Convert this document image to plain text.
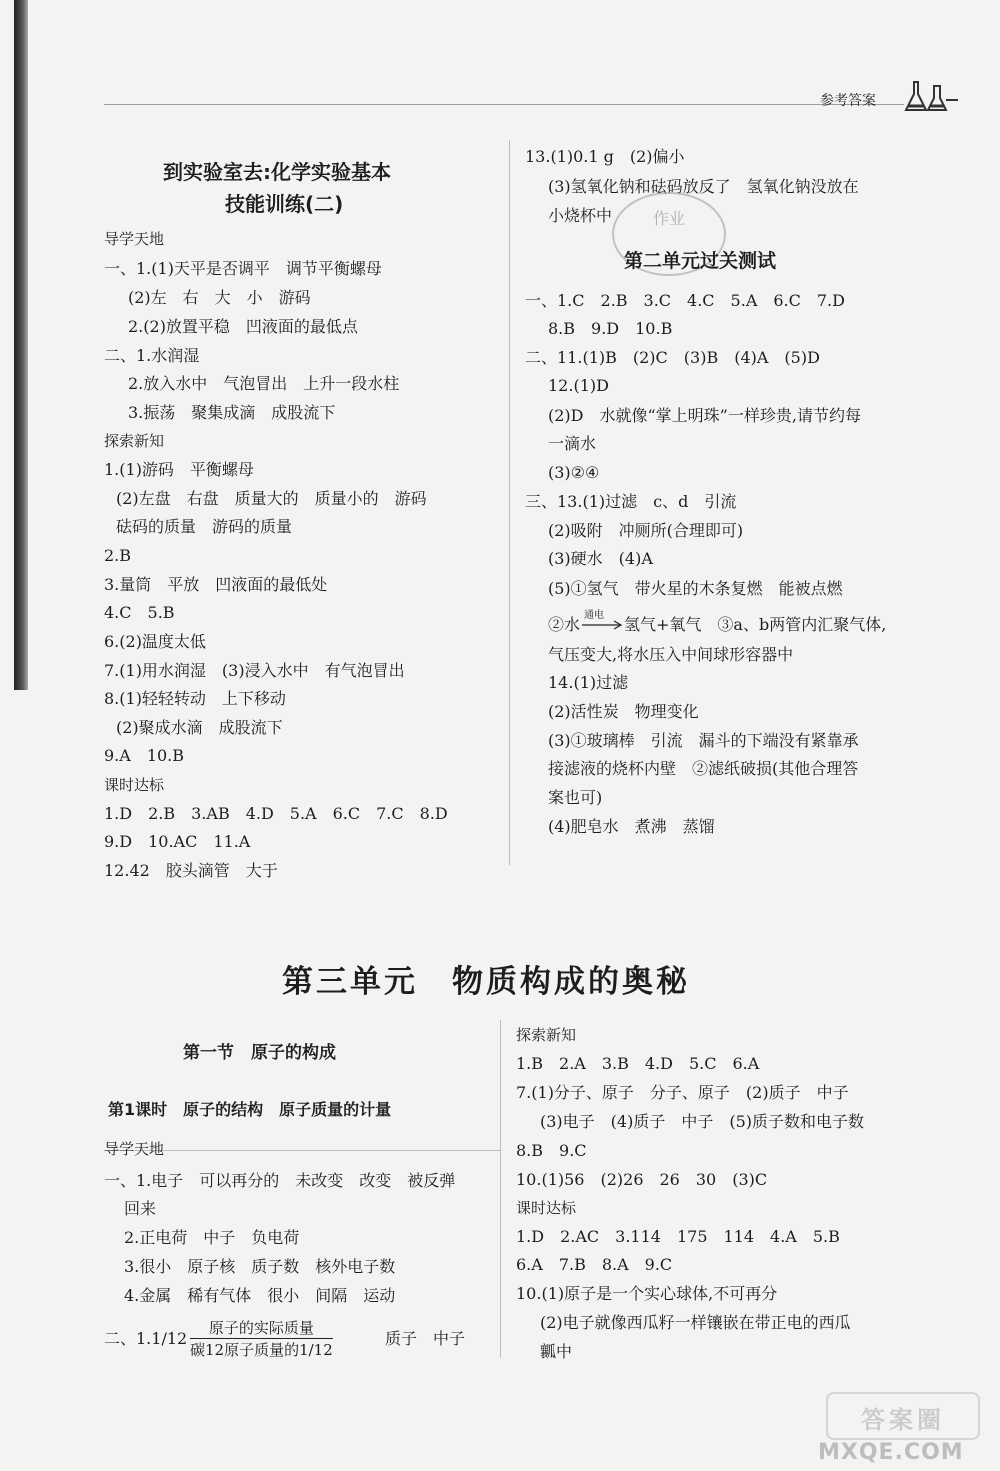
参考答案
到实验室去:化学实验基本
技能训练(二)
导学天地
一、1.(1)天平是否调平　调节平衡螺母
(2)左　右　大　小　游码
2.(2)放置平稳　凹液面的最低点
二、1.水润湿
2.放入水中　气泡冒出　上升一段水柱
3.振荡　聚集成滴　成股流下
探索新知
1.(1)游码　平衡螺母
(2)左盘　右盘　质量大的　质量小的　游码
砝码的质量　游码的质量
2.B
3.量筒　平放　凹液面的最低处
4.C　5.B
6.(2)温度太低
7.(1)用水润湿　(3)浸入水中　有气泡冒出
8.(1)轻轻转动　上下移动
(2)聚成水滴　成股流下
9.A　10.B
课时达标
1.D　2.B　3.AB　4.D　5.A　6.C　7.C　8.D
9.D　10.AC　11.A
12.42　胶头滴管　大于
13.(1)0.1 g　(2)偏小
(3)氢氧化钠和砝码放反了　氢氧化钠没放在
小烧杯中	作业
第二单元过关测试
一、1.C　2.B　3.C　4.C　5.A　6.C　7.D
8.B　9.D　10.B
二、11.(1)B　(2)C　(3)B　(4)A　(5)D
12.(1)D
(2)D　水就像“掌上明珠”一样珍贵,请节约每
一滴水
(3)②④
三、13.(1)过滤　c、d　引流
(2)吸附　冲厕所(合理即可)
(3)硬水　(4)A
(5)①氢气　带火星的木条复燃　能被点燃
②水 通电 氢气+氧气　③a、b两管内汇聚气体,
气压变大,将水压入中间球形容器中
14.(1)过滤
(2)活性炭　物理变化
(3)①玻璃棒　引流　漏斗的下端没有紧靠承
接滤液的烧杯内壁　②滤纸破损(其他合理答
案也可)
(4)肥皂水　煮沸　蒸馏
第三单元　物质构成的奥秘
第一节　原子的构成
第1课时　原子的结构　原子质量的计量
导学天地
一、1.电子　可以再分的　未改变　改变　被反弹
回来
2.正电荷　中子　负电荷
3.很小　原子核　质子数　核外电子数
4.金属　稀有气体　很小　间隔　运动
二、1.1/12
原子的实际质量
碳12原子质量的1/12
质子　中子
探索新知
1.B　2.A　3.B　4.D　5.C　6.A
7.(1)分子、原子　分子、原子　(2)质子　中子
(3)电子　(4)质子　中子　(5)质子数和电子数
8.B　9.C
10.(1)56　(2)26　26　30　(3)C
课时达标
1.D　2.AC　3.114　175　114　4.A　5.B
6.A　7.B　8.A　9.C
10.(1)原子是一个实心球体,不可再分
(2)电子就像西瓜籽一样镶嵌在带正电的西瓜
瓤中
答案圈
MXQE.COM
